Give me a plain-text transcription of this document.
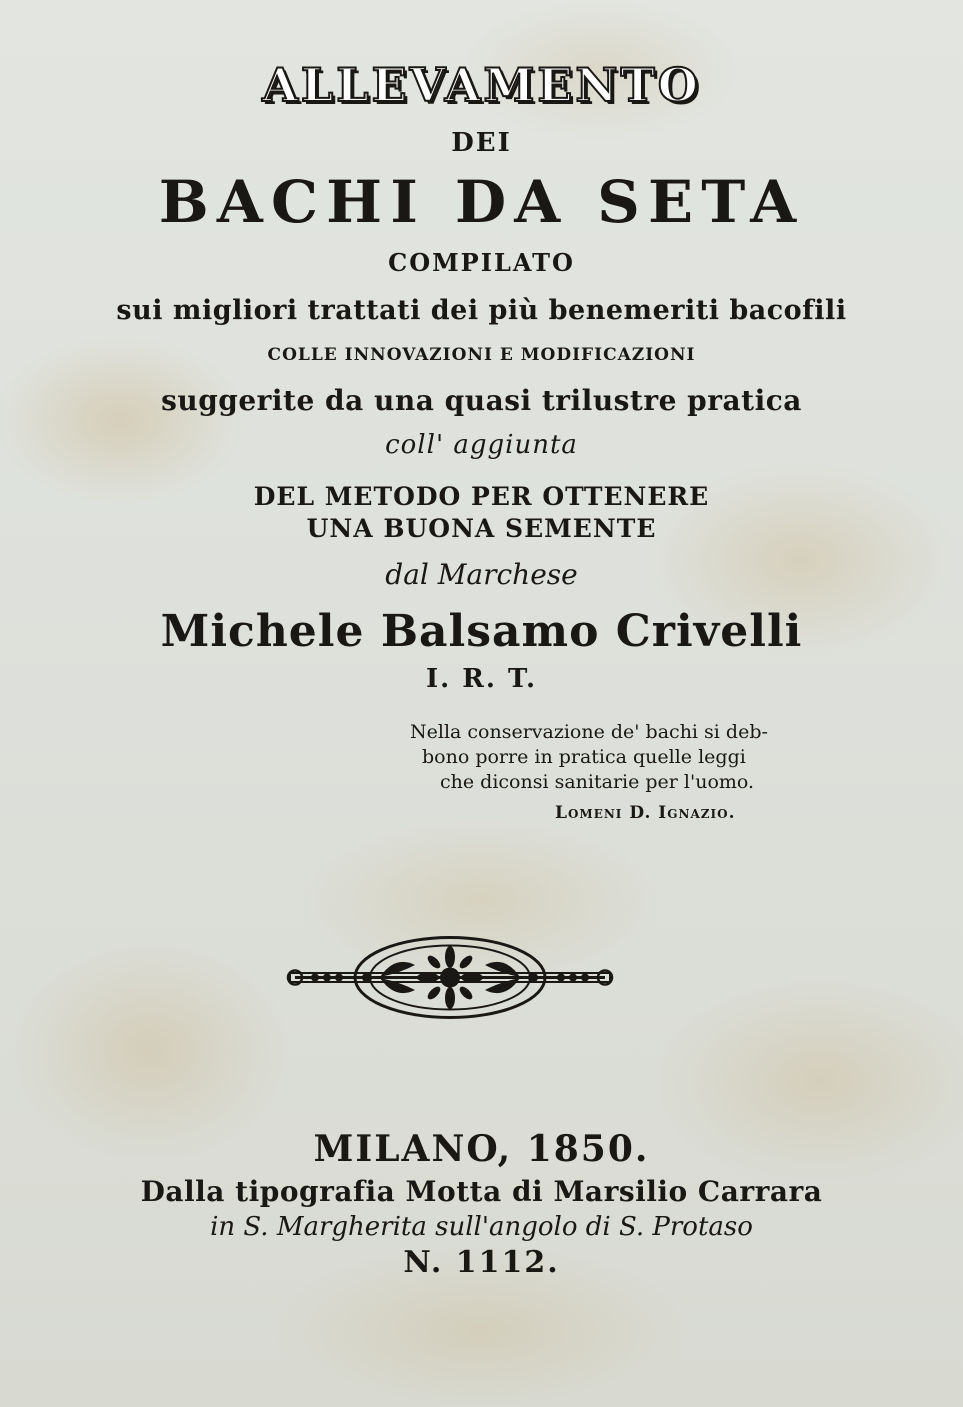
ALLEVAMENTO
DEI
BACHI DA SETA
COMPILATO
sui migliori trattati dei più benemeriti bacofili
COLLE INNOVAZIONI E MODIFICAZIONI
suggerite da una quasi trilustre pratica
coll' aggiunta
DEL METODO PER OTTENERE
UNA BUONA SEMENTE
dal Marchese
Michele Balsamo Crivelli
I. R. T.
Nella conservazione de' bachi si deb-
bono porre in pratica quelle leggi
che diconsi sanitarie per l'uomo.
Lomeni D. Ignazio.
MILANO, 1850.
Dalla tipografia Motta di Marsilio Carrara
in S. Margherita sull'angolo di S. Protaso
N. 1112.
